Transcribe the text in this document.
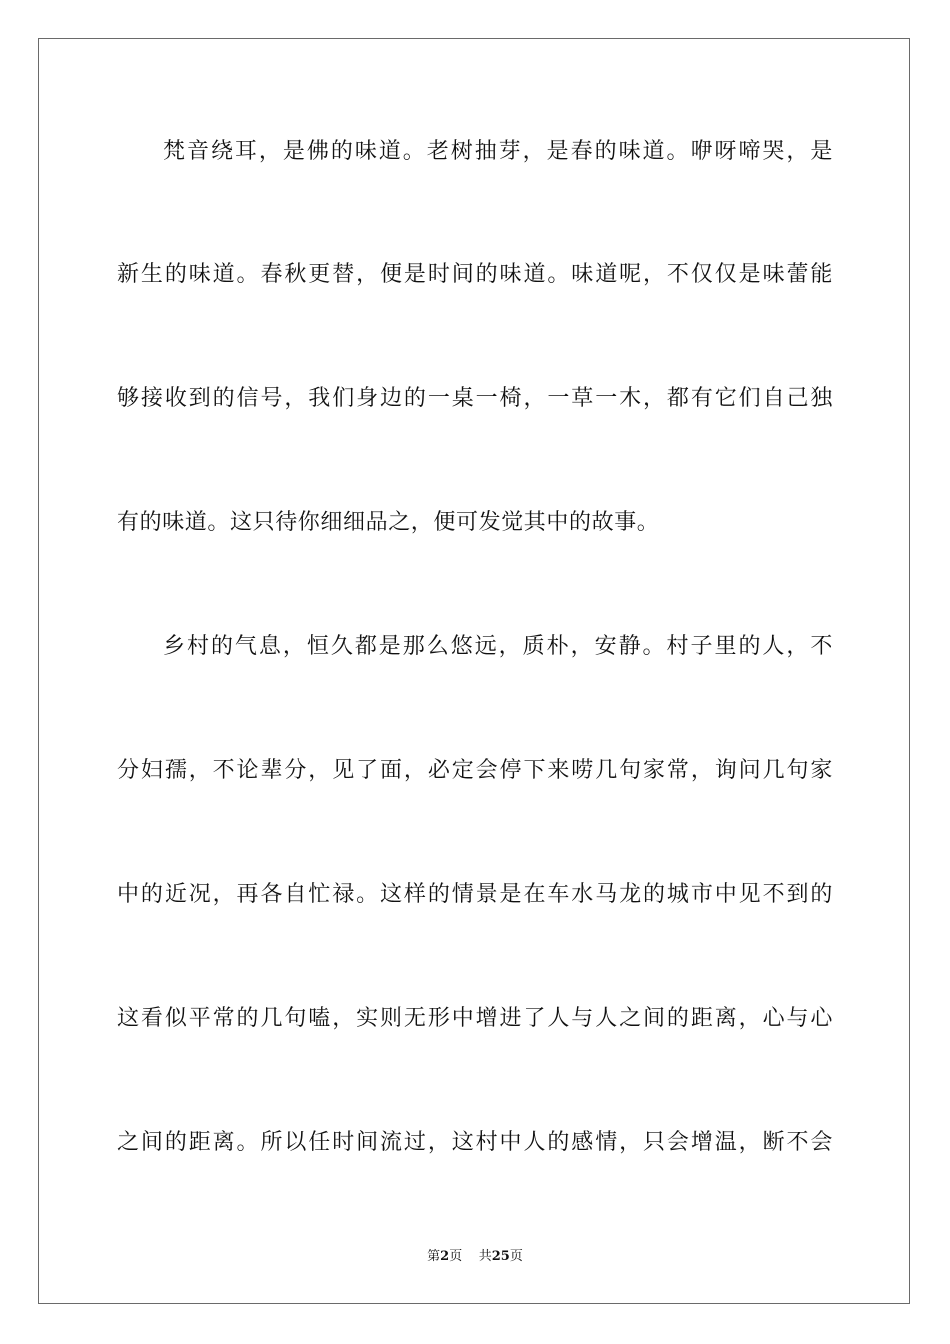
梵音绕耳，是佛的味道。老树抽芽，是春的味道。咿呀啼哭，是
新生的味道。春秋更替，便是时间的味道。味道呢，不仅仅是味蕾能
够接收到的信号，我们身边的一桌一椅，一草一木，都有它们自己独
有的味道。这只待你细细品之，便可发觉其中的故事。
乡村的气息，恒久都是那么悠远，质朴，安静。村子里的人，不
分妇孺，不论辈分，见了面，必定会停下来唠几句家常，询问几句家
中的近况，再各自忙禄。这样的情景是在车水马龙的城市中见不到的
这看似平常的几句嗑，实则无形中增进了人与人之间的距离，心与心
之间的距离。所以任时间流过，这村中人的感情，只会增温，断不会
第2页 共25页
